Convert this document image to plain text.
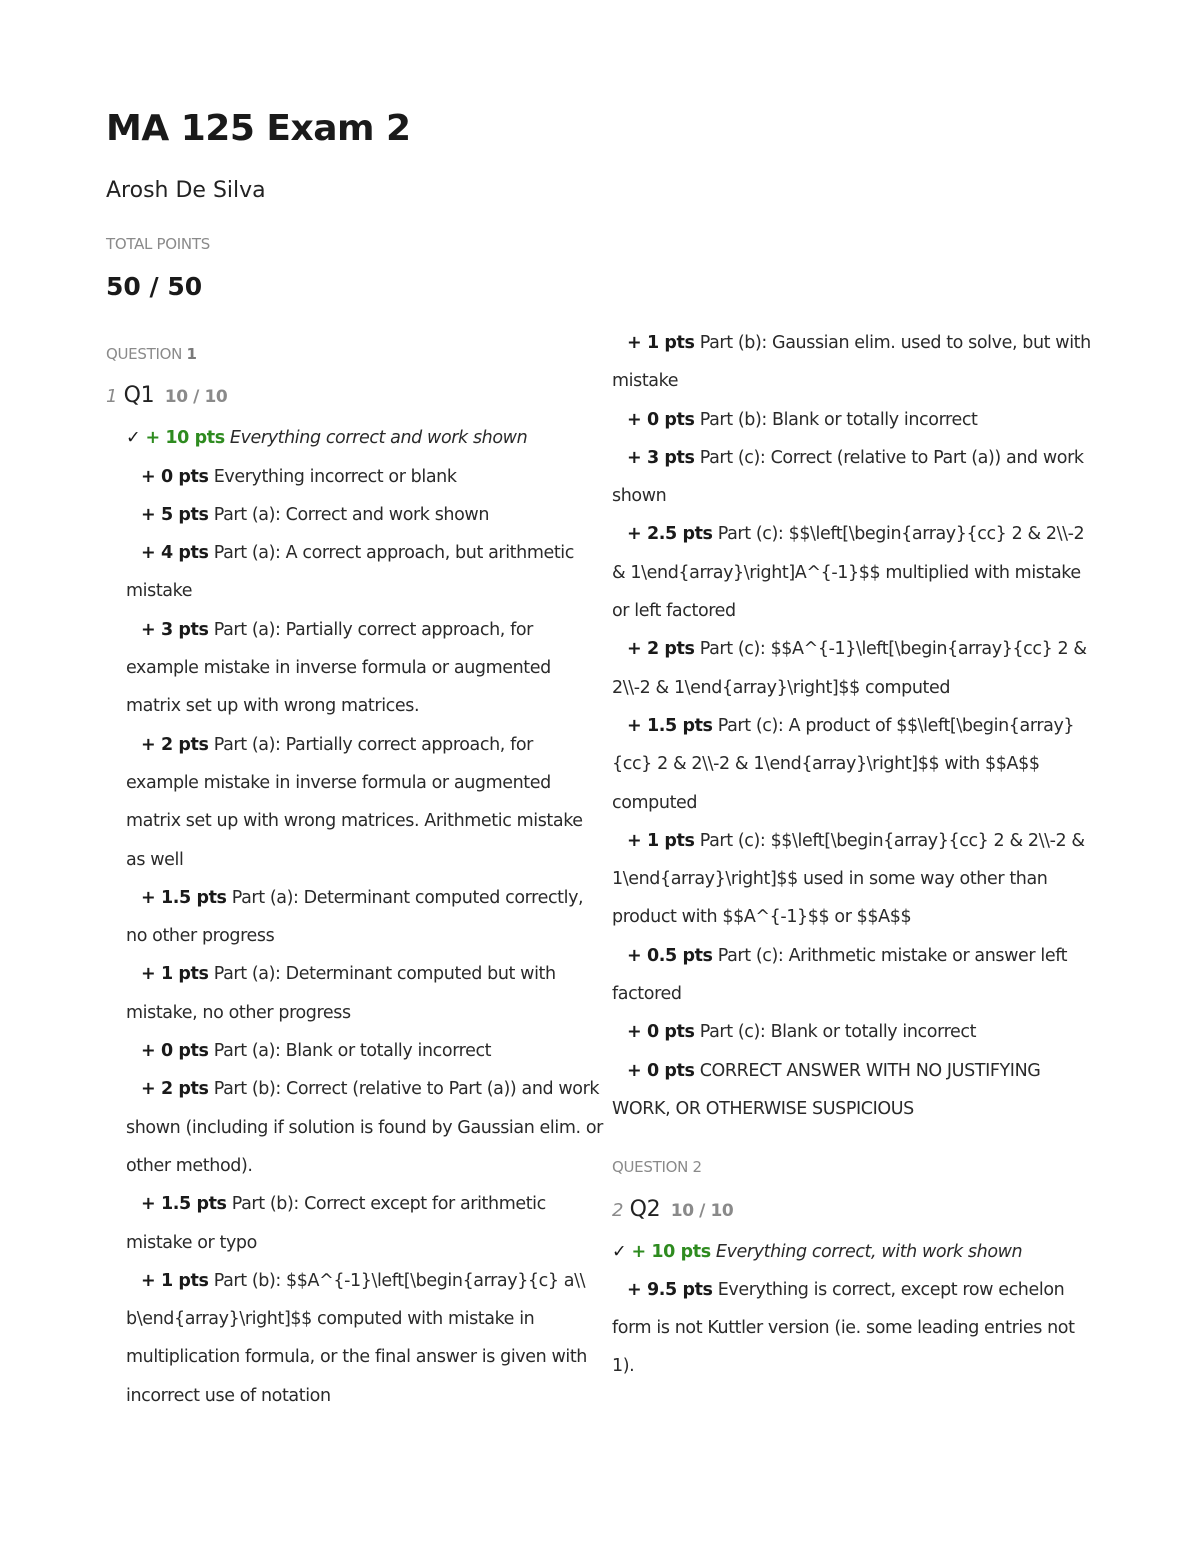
MA 125 Exam 2
Arosh De Silva
TOTAL POINTS
50 / 50
QUESTION 1
1 Q1 10 / 10
✓ + 10 pts Everything correct and work shown
+ 0 pts Everything incorrect or blank
+ 5 pts Part (a): Correct and work shown
+ 4 pts Part (a): A correct approach, but arithmetic mistake
+ 3 pts Part (a): Partially correct approach, for example mistake in inverse formula or augmented matrix set up with wrong matrices.
+ 2 pts Part (a): Partially correct approach, for example mistake in inverse formula or augmented matrix set up with wrong matrices. Arithmetic mistake as well
+ 1.5 pts Part (a): Determinant computed correctly, no other progress
+ 1 pts Part (a): Determinant computed but with mistake, no other progress
+ 0 pts Part (a): Blank or totally incorrect
+ 2 pts Part (b): Correct (relative to Part (a)) and work shown (including if solution is found by Gaussian elim. or other method).
+ 1.5 pts Part (b): Correct except for arithmetic mistake or typo
+ 1 pts Part (b): $$A^{-1}\left[\begin{array}{c} a\\ b\end{array}\right]$$ computed with mistake in multiplication formula, or the final answer is given with incorrect use of notation
+ 1 pts Part (b): Gaussian elim. used to solve, but with mistake
+ 0 pts Part (b): Blank or totally incorrect
+ 3 pts Part (c): Correct (relative to Part (a)) and work shown
+ 2.5 pts Part (c): $$\left[\begin{array}{cc} 2 & 2\\-2 & 1\end{array}\right]A^{-1}$$ multiplied with mistake or left factored
+ 2 pts Part (c): $$A^{-1}\left[\begin{array}{cc} 2 & 2\\-2 & 1\end{array}\right]$$ computed
+ 1.5 pts Part (c): A product of $$\left[\begin{array}{cc} 2 & 2\\-2 & 1\end{array}\right]$$ with $$A$$ computed
+ 1 pts Part (c): $$\left[\begin{array}{cc} 2 & 2\\-2 & 1\end{array}\right]$$ used in some way other than product with $$A^{-1}$$ or $$A$$
+ 0.5 pts Part (c): Arithmetic mistake or answer left factored
+ 0 pts Part (c): Blank or totally incorrect
+ 0 pts CORRECT ANSWER WITH NO JUSTIFYING WORK, OR OTHERWISE SUSPICIOUS
QUESTION 2
2 Q2 10 / 10
✓ + 10 pts Everything correct, with work shown
+ 9.5 pts Everything is correct, except row echelon form is not Kuttler version (ie. some leading entries not 1).
